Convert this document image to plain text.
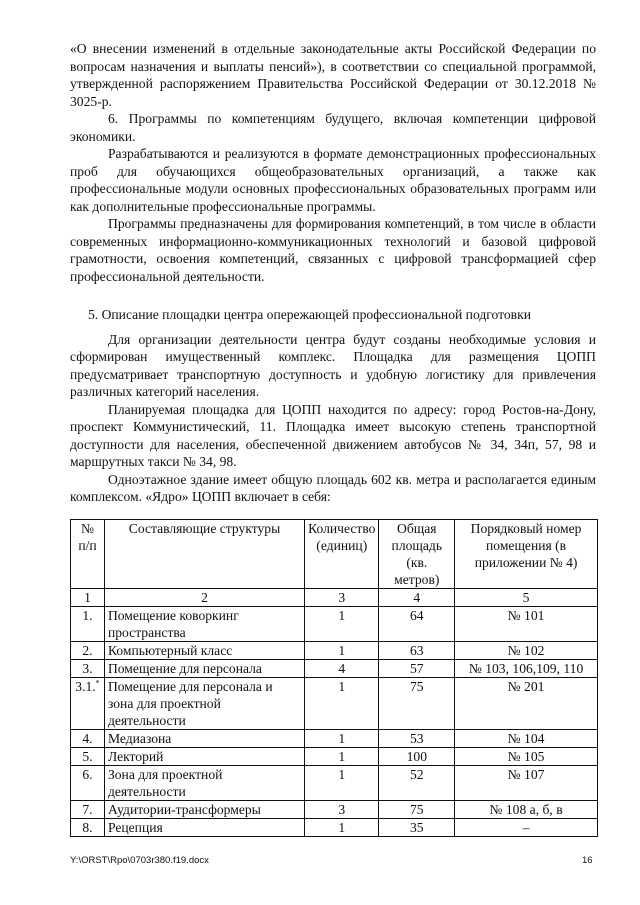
«О внесении изменений в отдельные законодательные акты Российской Федерации по вопросам назначения и выплаты пенсий»), в соответствии со специальной программой, утвержденной распоряжением Правительства Российской Федерации от 30.12.2018 № 3025-р.

6. Программы по компетенциям будущего, включая компетенции цифровой экономики.

Разрабатываются и реализуются в формате демонстрационных профессиональных проб для обучающихся общеобразовательных организаций, а также как профессиональные модули основных профессиональных образовательных программ или как дополнительные профессиональные программы.

Программы предназначены для формирования компетенций, в том числе в области современных информационно-коммуникационных технологий и базовой цифровой грамотности, освоения компетенций, связанных с цифровой трансформацией сфер профессиональной деятельности.

5. Описание площадки центра опережающей профессиональной подготовки

Для организации деятельности центра будут созданы необходимые условия и сформирован имущественный комплекс. Площадка для размещения ЦОПП предусматривает транспортную доступность и удобную логистику для привлечения различных категорий населения.

Планируемая площадка для ЦОПП находится по адресу: город Ростов-на-Дону, проспект Коммунистический, 11. Площадка имеет высокую степень транспортной доступности для населения, обеспеченной движением автобусов № 34, 34п, 57, 98 и маршрутных такси № 34, 98.

Одноэтажное здание имеет общую площадь 602 кв. метра и располагается единым комплексом. «Ядро» ЦОПП включает в себя:

№ п/п	Составляющие структуры	Количество (единиц)	Общая площадь (кв. метров)	Порядковый номер помещения (в приложении № 4)
1	2	3	4	5
1.	Помещение коворкинг пространства	1	64	№ 101
2.	Компьютерный класс	1	63	№ 102
3.	Помещение для персонала	4	57	№ 103, 106,109, 110
3.1.*	Помещение для персонала и зона для проектной деятельности	1	75	№ 201
4.	Медиазона	1	53	№ 104
5.	Лекторий	1	100	№ 105
6.	Зона для проектной деятельности	1	52	№ 107
7.	Аудитории-трансформеры	3	75	№ 108 а, б, в
8.	Рецепция	1	35	–
Y:\ORST\Rpo\0703r380.f19.docx	16
